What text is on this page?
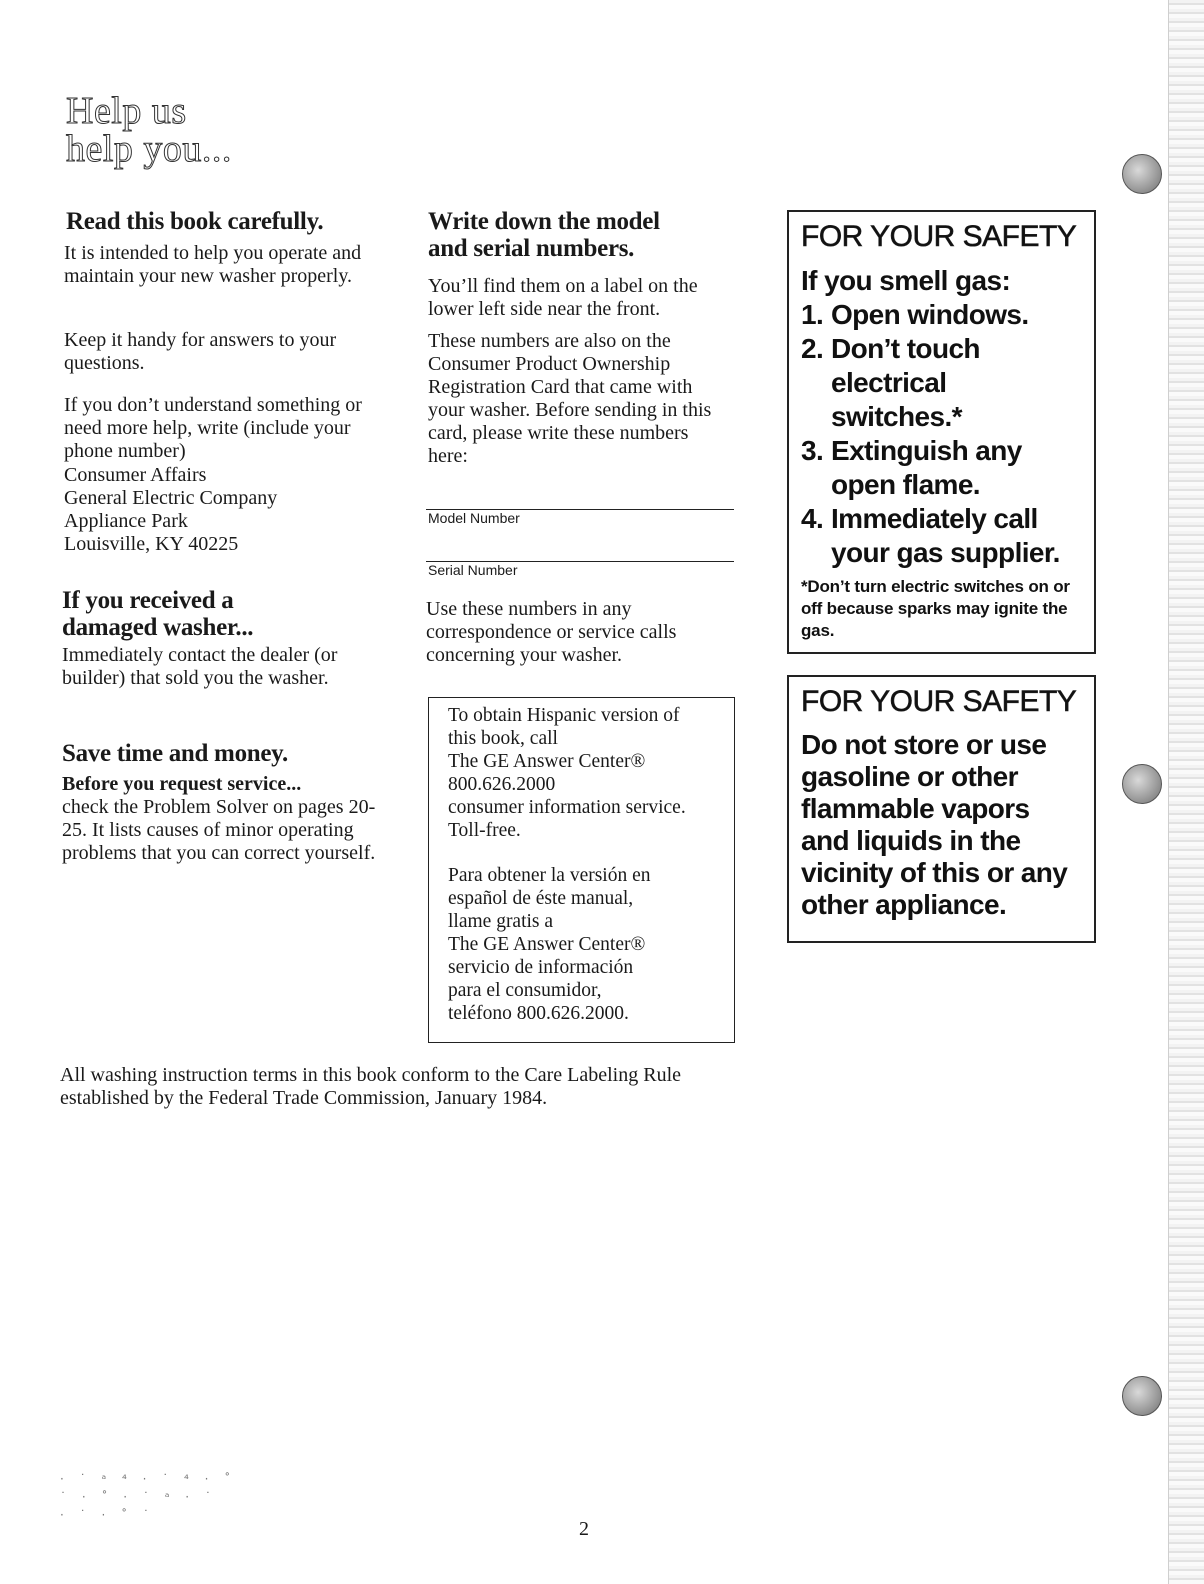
Help us
help you...
Read this book carefully.

It is intended to help you operate and maintain your new washer properly.

Keep it handy for answers to your questions.

If you don’t understand something or need more help, write (include your phone number)

Consumer Affairs

General Electric Company

Appliance Park

Louisville, KY 40225

If you received a
damaged washer...

Immediately contact the dealer (or builder) that sold you the washer.

Save time and money.
Before you request service...

check the Problem Solver on pages 20-25. It lists causes of minor operating problems that you can correct yourself.

Write down the model
and serial numbers.

You’ll find them on a label on the lower left side near the front.

These numbers are also on the Consumer Product Ownership Registration Card that came with your washer. Before sending in this card, please write these numbers here:

Model Number
Serial Number

Use these numbers in any correspondence or service calls concerning your washer.

To obtain Hispanic version of

this book, call

The GE Answer Center®

800.626.2000

consumer information service.

Toll-free.

Para obtener la versión en

español de éste manual,

llame gratis a

The GE Answer Center®

servicio de información

para el consumidor,

teléfono 800.626.2000.

FOR YOUR SAFETY
If you smell gas:
1. Open windows.
2. Don’t touch electrical switches.*
3. Extinguish any open flame.
4. Immediately call your gas supplier.
*Don’t turn electric switches on or off because sparks may ignite the gas.
FOR YOUR SAFETY
Do not store or use gasoline or other flammable vapors and liquids in the vicinity of this or any other appliance.

All washing instruction terms in this book conform to the Care Labeling Rule established by the Federal Trade Commission, January 1984.

· ˙ ᵃ ⁴ · ˙ ⁴ · ˚
˙ · ˚ · ˙ ᵃ · ˙
· ˙ · ˚ ˙
2
